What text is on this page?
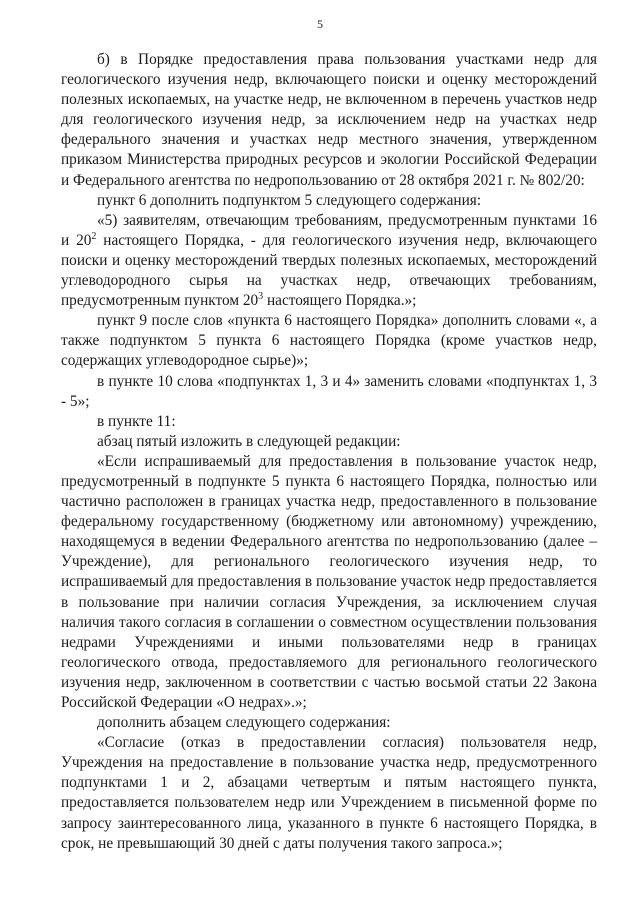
5

б) в Порядке предоставления права пользования участками недр для геологического изучения недр, включающего поиски и оценку месторождений полезных ископаемых, на участке недр, не включенном в перечень участков недр для геологического изучения недр, за исключением недр на участках недр федерального значения и участках недр местного значения, утвержденном приказом Министерства природных ресурсов и экологии Российской Федерации и Федерального агентства по недропользованию от 28 октября 2021 г. № 802/20:

пункт 6 дополнить подпунктом 5 следующего содержания:

«5) заявителям, отвечающим требованиям, предусмотренным пунктами 16 и $20^2$ настоящего Порядка, - для геологического изучения недр, включающего поиски и оценку месторождений твердых полезных ископаемых, месторождений углеводородного сырья на участках недр, отвечающих требованиям, предусмотренным пунктом $20^3$ настоящего Порядка.»;

пункт 9 после слов «пункта 6 настоящего Порядка» дополнить словами «, а также подпунктом 5 пункта 6 настоящего Порядка (кроме участков недр, содержащих углеводородное сырье)»;

в пункте 10 слова «подпунктах 1, 3 и 4» заменить словами «подпунктах 1, 3 - 5»;

в пункте 11:

абзац пятый изложить в следующей редакции:

«Если испрашиваемый для предоставления в пользование участок недр, предусмотренный в подпункте 5 пункта 6 настоящего Порядка, полностью или частично расположен в границах участка недр, предоставленного в пользование федеральному государственному (бюджетному или автономному) учреждению, находящемуся в ведении Федерального агентства по недропользованию (далее – Учреждение), для регионального геологического изучения недр, то испрашиваемый для предоставления в пользование участок недр предоставляется в пользование при наличии согласия Учреждения, за исключением случая наличия такого согласия в соглашении о совместном осуществлении пользования недрами Учреждениями и иными пользователями недр в границах геологического отвода, предоставляемого для регионального геологического изучения недр, заключенном в соответствии с частью восьмой статьи 22 Закона Российской Федерации «О недрах».»;

дополнить абзацем следующего содержания:

«Согласие (отказ в предоставлении согласия) пользователя недр, Учреждения на предоставление в пользование участка недр, предусмотренного подпунктами 1 и 2, абзацами четвертым и пятым настоящего пункта, предоставляется пользователем недр или Учреждением в письменной форме по запросу заинтересованного лица, указанного в пункте 6 настоящего Порядка, в срок, не превышающий 30 дней с даты получения такого запроса.»;
